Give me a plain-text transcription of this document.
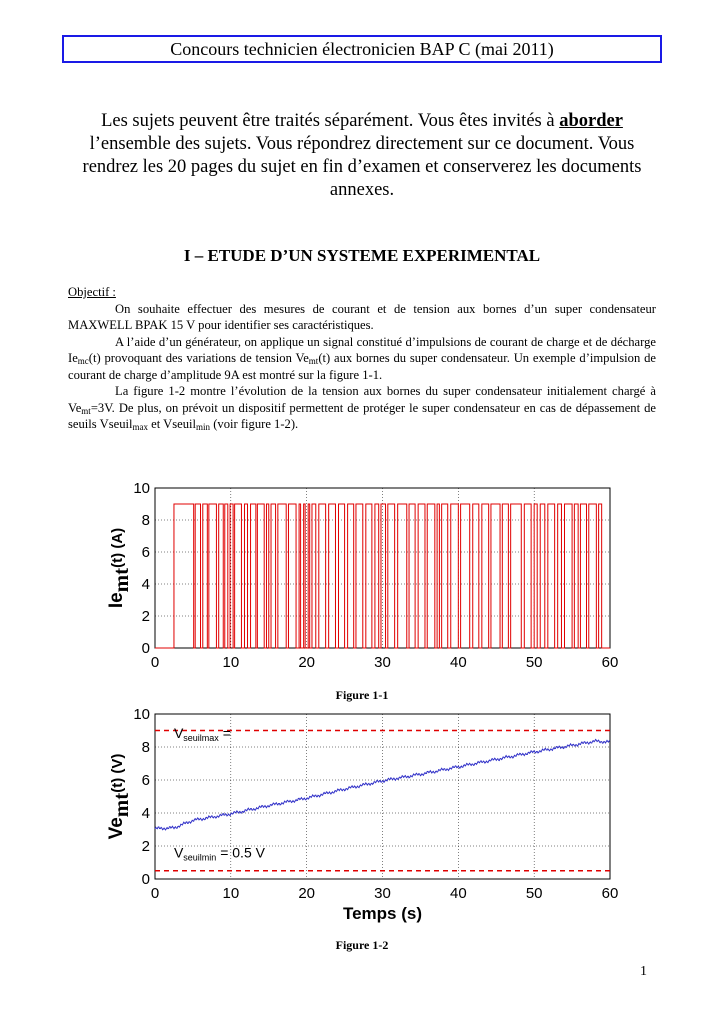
Concours technicien électronicien BAP C (mai 2011)
Les sujets peuvent être traités séparément. Vous êtes invités à aborder l’ensemble des sujets. Vous répondrez directement sur ce document. Vous rendrez les 20 pages du sujet en fin d’examen et conserverez les documents annexes.
I – ETUDE D’UN SYSTEME EXPERIMENTAL

Objectif :

On souhaite effectuer des mesures de courant et de tension aux bornes d’un super condensateur MAXWELL BPAK 15 V pour identifier ses caractéristiques.

A l’aide d’un générateur, on applique un signal constitué d’impulsions de courant de charge et de décharge $Ie_{mc}(t)$ provoquant des variations de tension $Ve_{mt}(t)$ aux bornes du super condensateur. Un exemple d’impulsion de courant de charge d’amplitude 9A est montré sur la figure 1-1.

La figure 1-2 montre l’évolution de la tension aux bornes du super condensateur initialement chargé à $Ve_{mt}=3V$. De plus, on prévoit un dispositif permettent de protéger le super condensateur en cas de dépassement de seuils Vseuil$_{max}$ et Vseuil$_{min}$ (voir figure 1-2).

0	10	20	30	40	50	60
0
2
4
6
8
10
Iemt$^{(t) (A)}$
Figure 1-1
0	10	20	30	40	50	60
0
2
4
6
8
10
Vemt$^{(t) (V)}$
Temps (s)
$V_{seuilmax}$ =
$V_{seuilmin} = 0.5$ V
Figure 1-2
1
